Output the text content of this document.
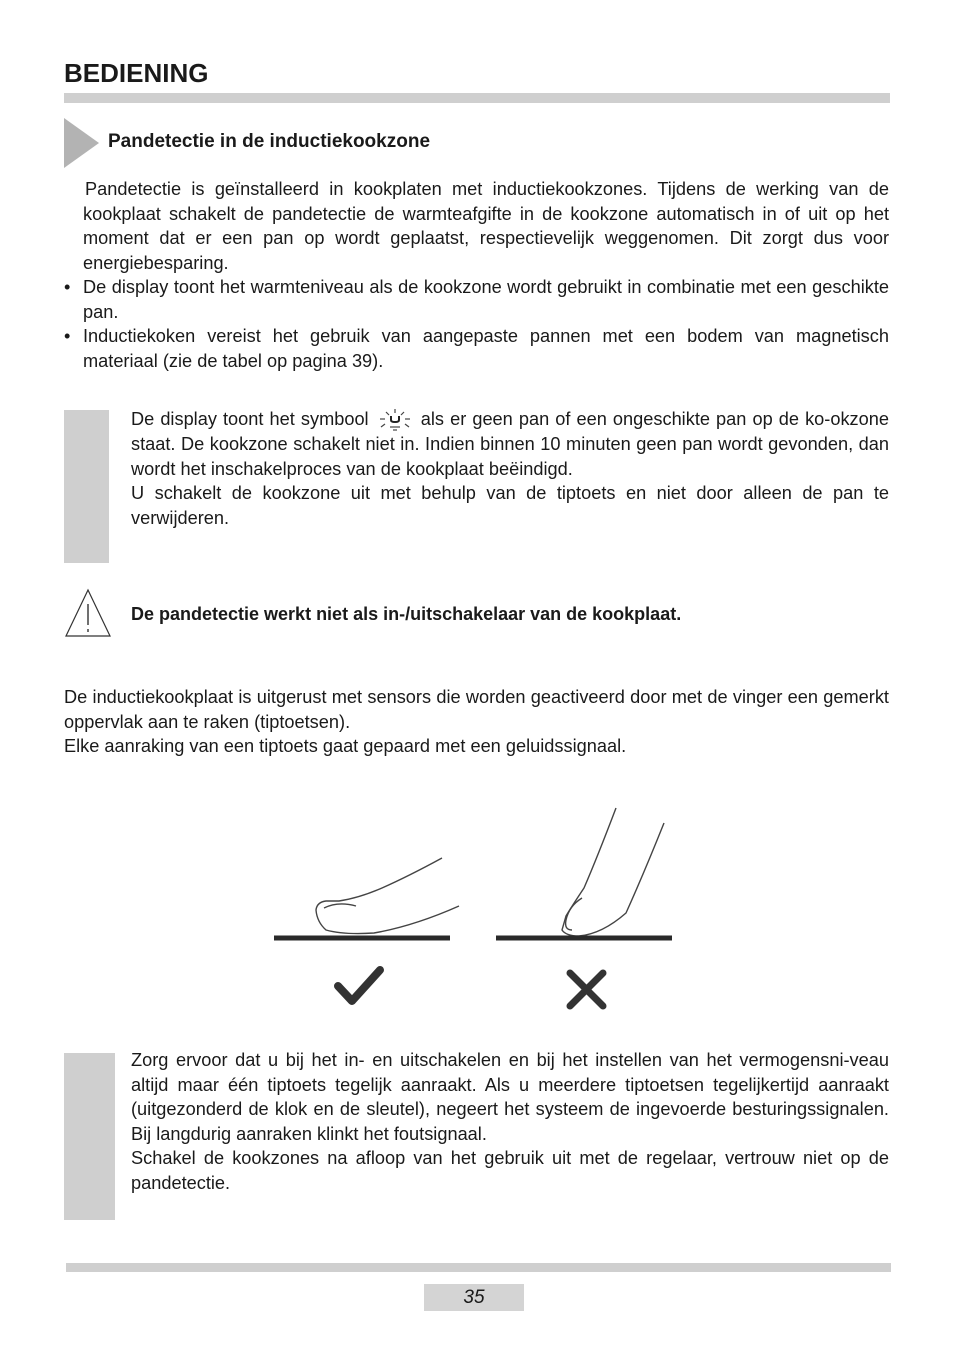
BEDIENING
Pandetectie in de inductiekookzone
Pandetectie is geïnstalleerd in kookplaten met inductiekookzones. Tijdens de werking van de kookplaat schakelt de pandetectie de warmteafgifte in de kookzone automatisch in of uit op het moment dat er een pan op wordt geplaatst, respectievelijk weggenomen. Dit zorgt dus voor energiebesparing.
• De display toont het warmteniveau als de kookzone wordt gebruikt in combinatie met een geschikte pan.
• Inductiekoken vereist het gebruik van aangepaste pannen met een bodem van magnetisch materiaal (zie de tabel op pagina 39).
De display toont het symbool	als er geen pan of een ongeschikte pan op de ko-okzone staat. De kookzone schakelt niet in. Indien binnen 10 minuten geen pan wordt gevonden, dan wordt het inschakelproces van de kookplaat beëindigd.
U schakelt de kookzone uit met behulp van de tiptoets en niet door alleen de pan te verwijderen.
De pandetectie werkt niet als in-/uitschakelaar van de kookplaat.
De inductiekookplaat is uitgerust met sensors die worden geactiveerd door met de vinger een gemerkt oppervlak aan te raken (tiptoetsen).
Elke aanraking van een tiptoets gaat gepaard met een geluidssignaal.
Zorg ervoor dat u bij het in- en uitschakelen en bij het instellen van het vermogensni-veau altijd maar één tiptoets tegelijk aanraakt. Als u meerdere tiptoetsen tegelijkertijd aanraakt (uitgezonderd de klok en de sleutel), negeert het systeem de ingevoerde besturingssignalen. Bij langdurig aanraken klinkt het foutsignaal.
Schakel de kookzones na afloop van het gebruik uit met de regelaar, vertrouw niet op de pandetectie.
35
